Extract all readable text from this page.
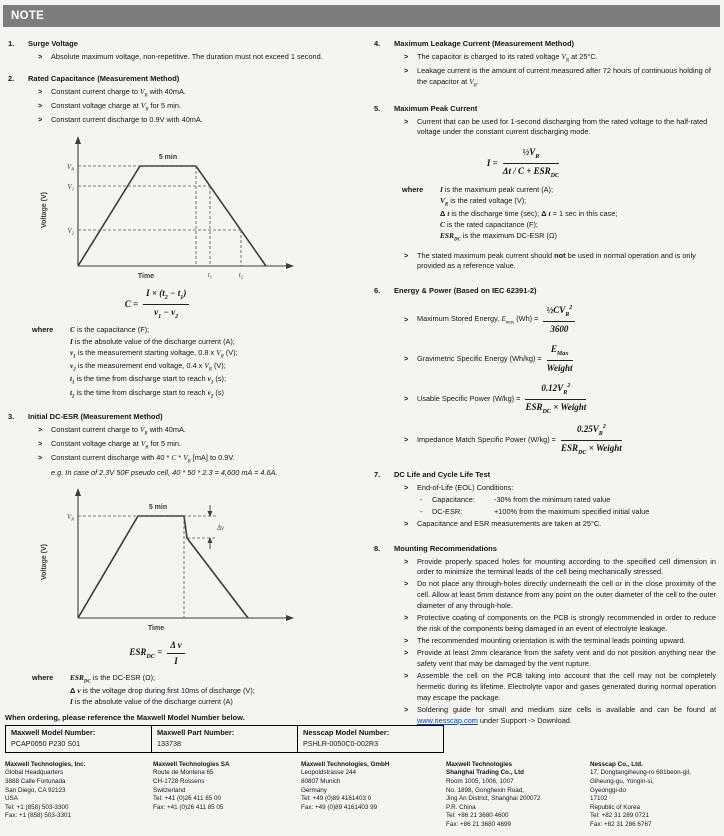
NOTE
1.	Surge Voltage
>	Absolute maximum voltage, non-repetitive. The duration must not exceed 1 second.
2.	Rated Capacitance (Measurement Method)
>	Constant current charge to $V_R$ with 40mA.
>	Constant voltage charge at $V_R$ for 5 min.
>	Constant current discharge to 0.9V with 40mA.
5 min
$V_R$
$V_1$
$V_2$
$t_1$	$t_2$
Time
Voltage (V)
$C = \frac{I \times (t_2 - t_1)}{v_1 - v_2}$
where	C is the capacitance (F);
I is the absolute value of the discharge current (A);
$v_1$ is the measurement starting voltage, 0.8 x $V_R$ (V);
$v_2$ is the measurement end voltage, 0.4 x $V_R$ (V);
$t_1$ is the time from discharge start to reach $v_1$ (s);
$t_2$ is the time from discharge start to reach $v_2$ (s)
3.	Initial DC-ESR (Measurement Method)
>	Constant current charge to $V_R$ with 40mA.
>	Constant voltage charge at $V_R$ for 5 min.
>	Constant current discharge with 40 * C * $V_R$ [mA] to 0.9V.
e.g. In case of 2.3V 50F pseudo cell, 40 * 50 * 2.3 = 4,600 mA = 4.6A.
Δv
5 min
$V_R$
Time
Voltage (V)
$ESR_{DC} = \frac{\text{Δ v}}{I}$
where	$ESR_{DC}$ is the DC-ESR (Ω);
Δ v is the voltage drop during first 10ms of discharge (V);
I is the absolute value of the discharge current (A)
4.	Maximum Leakage Current (Measurement Method)
>	The capacitor is charged to its rated voltage $V_R$ at 25°C.
>	Leakage current is the amount of current measured after 72 hours of continuous holding of the capacitor at $V_R$.
5.	Maximum Peak Current
>	Current that can be used for 1-second discharging from the rated voltage to the half-rated voltage under the constant current discharging mode.
$I = \frac{\frac{1}{2}V_R}{\Delta t / C + ESR_{DC}}$
where	I is the maximum peak current (A);
$V_R$ is the rated voltage (V);
Δ t is the discharge time (sec); Δ t = 1 sec in this case;
C is the rated capacitance (F);
$ESR_{DC}$ is the maximum DC-ESR (Ω)
>	The stated maximum peak current should not be used in normal operation and is only provided as a reference value.
6.	Energy & Power (Based on IEC 62391-2)
>	Maximum Stored Energy, $E_{max}$ $(Wh) = \frac{\frac{1}{2}CV_R^2}{3600}$
>	Gravimetric Specific Energy $(Wh/kg) = \frac{E_{Max}}{\text{Weight}}$
>	Usable Specific Power $(W/kg) = \frac{0.12V_R^2}{ESR_{DC} \times Weight}$
>	Impedance Match Specific Power $(W/kg) = \frac{0.25V_R^2}{ESR_{DC} \times Weight}$
7.	DC Life and Cycle Life Test
>	End-of-Life (EOL) Conditions:
-	Capacitance:	-30% from the minimum rated value
-	DC-ESR:	+100% from the maximum specified initial value
>	Capacitance and ESR measurements are taken at 25°C.
8.	Mounting Recommendations
>	Provide properly spaced holes for mounting according to the specified cell dimension in order to minimize the terminal leads of the cell being mechanically stressed.
>	Do not place any through-holes directly underneath the cell or in the close proximity of the cell. Allow at least 5mm distance from any point on the outer diameter of the cell to the outer diameter of any through-hole.
>	Protective coating of components on the PCB is strongly recommended in order to reduce the risk of the components being damaged in an event of electrolyte leakage.
>	The recommended mounting orientation is with the terminal leads pointing upward.
>	Provide at least 2mm clearance from the safety vent and do not position anything near the safety vent that may be damaged by the vent rupture.
>	Assemble the cell on the PCB taking into account that the cell may not be completely hermetic during its lifetime. Electrolyte vapor and gases generated during normal operation may escape the package.
>	Soldering guide for small and medium size cells is available and can be found at www.nesscap.com under Support -> Download.
When ordering, please reference the Maxwell Model Number below.
Maxwell Model Number:
PCAP0050 P230 S01
Maxwell Part Number:
133738
Nesscap Model Number:
PSHLR-0050C0-002R3
Maxwell Technologies, Inc.
Global Headquarters
3888 Calle Fortunada
San Diego, CA 92123
USA
Tel: +1 (858) 503-3300
Fax: +1 (858) 503-3301
Maxwell Technologies SA
Route de Montena 65
CH-1728 Rossens
Switzerland
Tel: +41 (0)26 411 85 00
Fax: +41 (0)26 411 85 05
Maxwell Technologies, GmbH
Leopoldstrasse 244
80807 Munich
Germany
Tel: +49 (0)89 4161403 0
Fax: +49 (0)89 4161403 99
Maxwell Technologies
Shanghai Trading Co., Ltd
Room 1005, 1006, 1007
No. 1898, Gonghexin Road,
Jing An District, Shanghai 200072
P.R. China
Tel: +86 21 3680 4600
Fax: +86 21 3680 4699
Nesscap Co., Ltd.
17, Dongtangiheung-ro 681beon-gil,
Giheung-gu, Yongin-si,
Gyeonggi-do
17102
Republic of Korea
Tel: +82 31 289 0721
Fax: +82 31 286 6767
